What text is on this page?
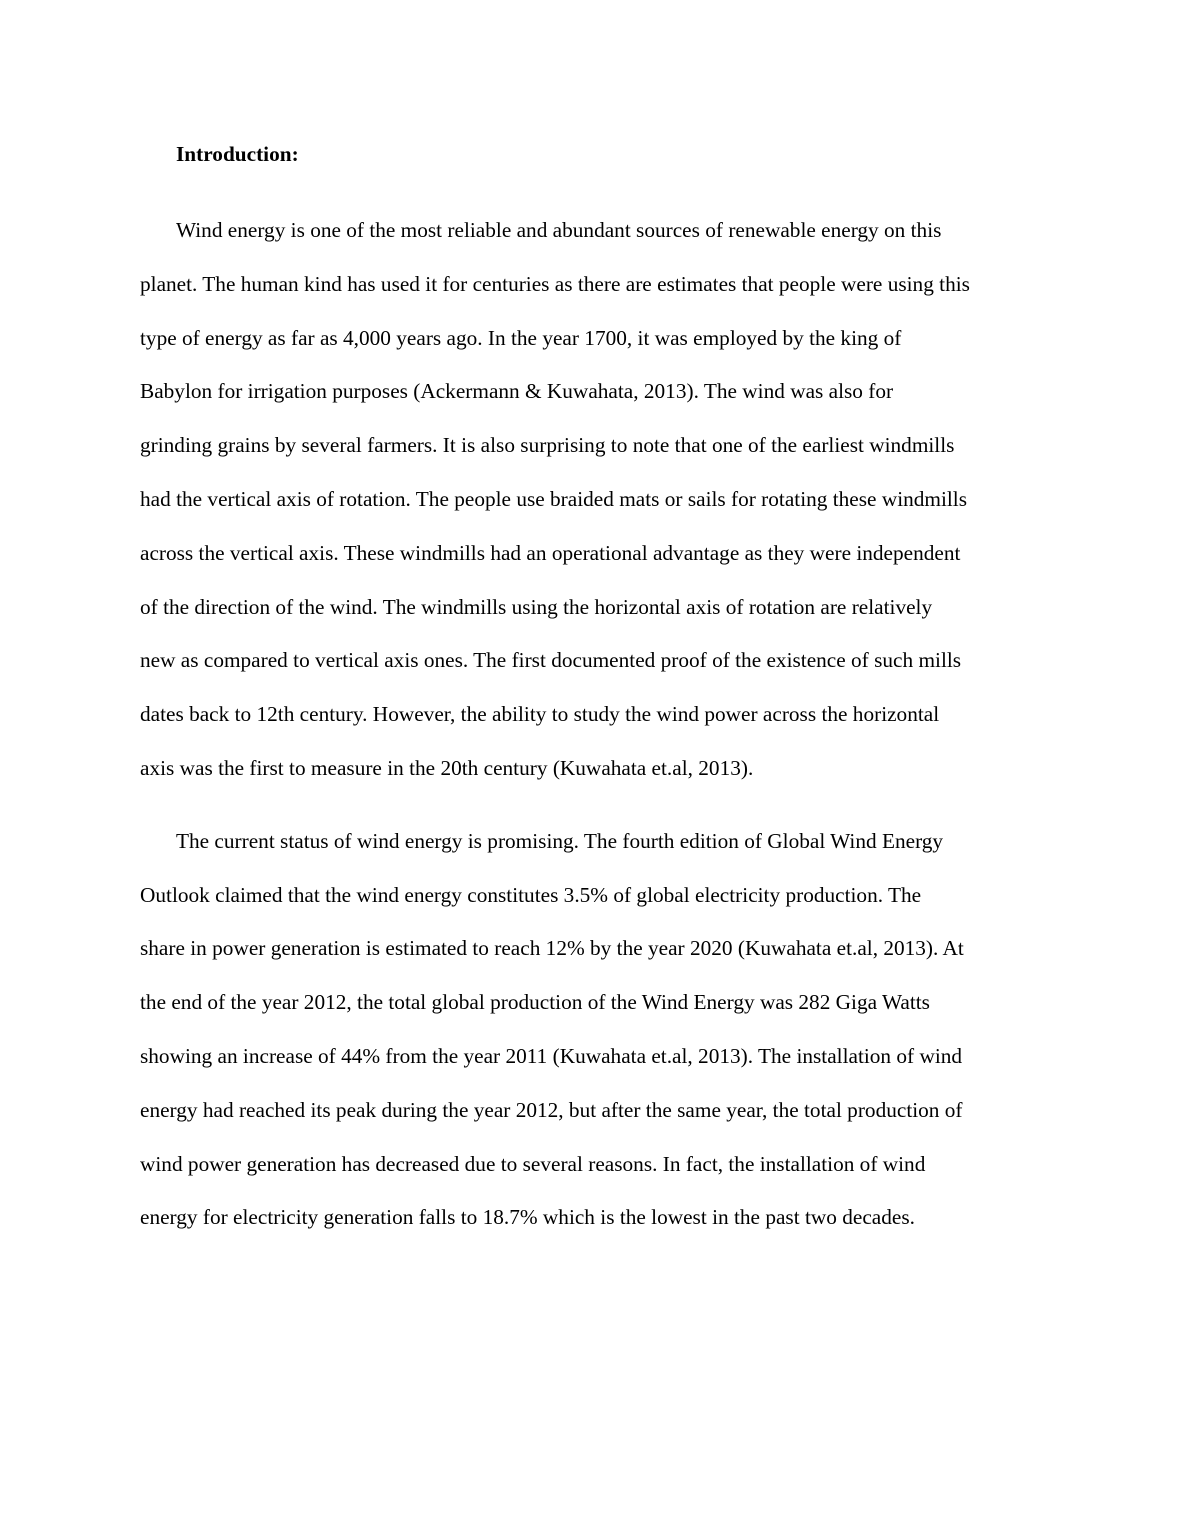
Introduction:
Wind energy is one of the most reliable and abundant sources of renewable energy on this
planet. The human kind has used it for centuries as there are estimates that people were using this
type of energy as far as 4,000 years ago. In the year 1700, it was employed by the king of
Babylon for irrigation purposes (Ackermann & Kuwahata, 2013). The wind was also for
grinding grains by several farmers. It is also surprising to note that one of the earliest windmills
had the vertical axis of rotation. The people use braided mats or sails for rotating these windmills
across the vertical axis. These windmills had an operational advantage as they were independent
of the direction of the wind. The windmills using the horizontal axis of rotation are relatively
new as compared to vertical axis ones. The first documented proof of the existence of such mills
dates back to 12th century. However, the ability to study the wind power across the horizontal
axis was the first to measure in the 20th century (Kuwahata et.al, 2013).
The current status of wind energy is promising. The fourth edition of Global Wind Energy
Outlook claimed that the wind energy constitutes 3.5% of global electricity production. The
share in power generation is estimated to reach 12% by the year 2020 (Kuwahata et.al, 2013). At
the end of the year 2012, the total global production of the Wind Energy was 282 Giga Watts
showing an increase of 44% from the year 2011 (Kuwahata et.al, 2013). The installation of wind
energy had reached its peak during the year 2012, but after the same year, the total production of
wind power generation has decreased due to several reasons. In fact, the installation of wind
energy for electricity generation falls to 18.7% which is the lowest in the past two decades.
